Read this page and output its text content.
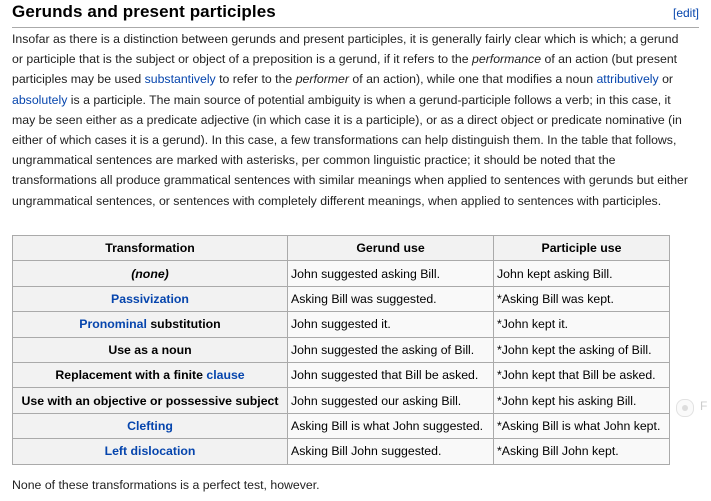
Gerunds and present participles	[edit]

Insofar as there is a distinction between gerunds and present participles, it is generally fairly clear which is which; a gerund or participle that is the subject or object of a preposition is a gerund, if it refers to the performance of an action (but present participles may be used substantively to refer to the performer of an action), while one that modifies a noun attributively or absolutely is a participle. The main source of potential ambiguity is when a gerund-participle follows a verb; in this case, it may be seen either as a predicate adjective (in which case it is a participle), or as a direct object or predicate nominative (in either of which cases it is a gerund). In this case, a few transformations can help distinguish them. In the table that follows, ungrammatical sentences are marked with asterisks, per common linguistic practice; it should be noted that the transformations all produce grammatical sentences with similar meanings when applied to sentences with gerunds but either ungrammatical sentences, or sentences with completely different meanings, when applied to sentences with participles.

Transformation	Gerund use	Participle use
(none)	John suggested asking Bill.	John kept asking Bill.
Passivization	Asking Bill was suggested.	*Asking Bill was kept.
Pronominal substitution	John suggested it.	*John kept it.
Use as a noun	John suggested the asking of Bill.	*John kept the asking of Bill.
Replacement with a finite clause	John suggested that Bill be asked.	*John kept that Bill be asked.
Use with an objective or possessive subject	John suggested our asking Bill.	*John kept his asking Bill.
Clefting	Asking Bill is what John suggested.	*Asking Bill is what John kept.
Left dislocation	Asking Bill John suggested.	*Asking Bill John kept.

None of these transformations is a perfect test, however.

F
